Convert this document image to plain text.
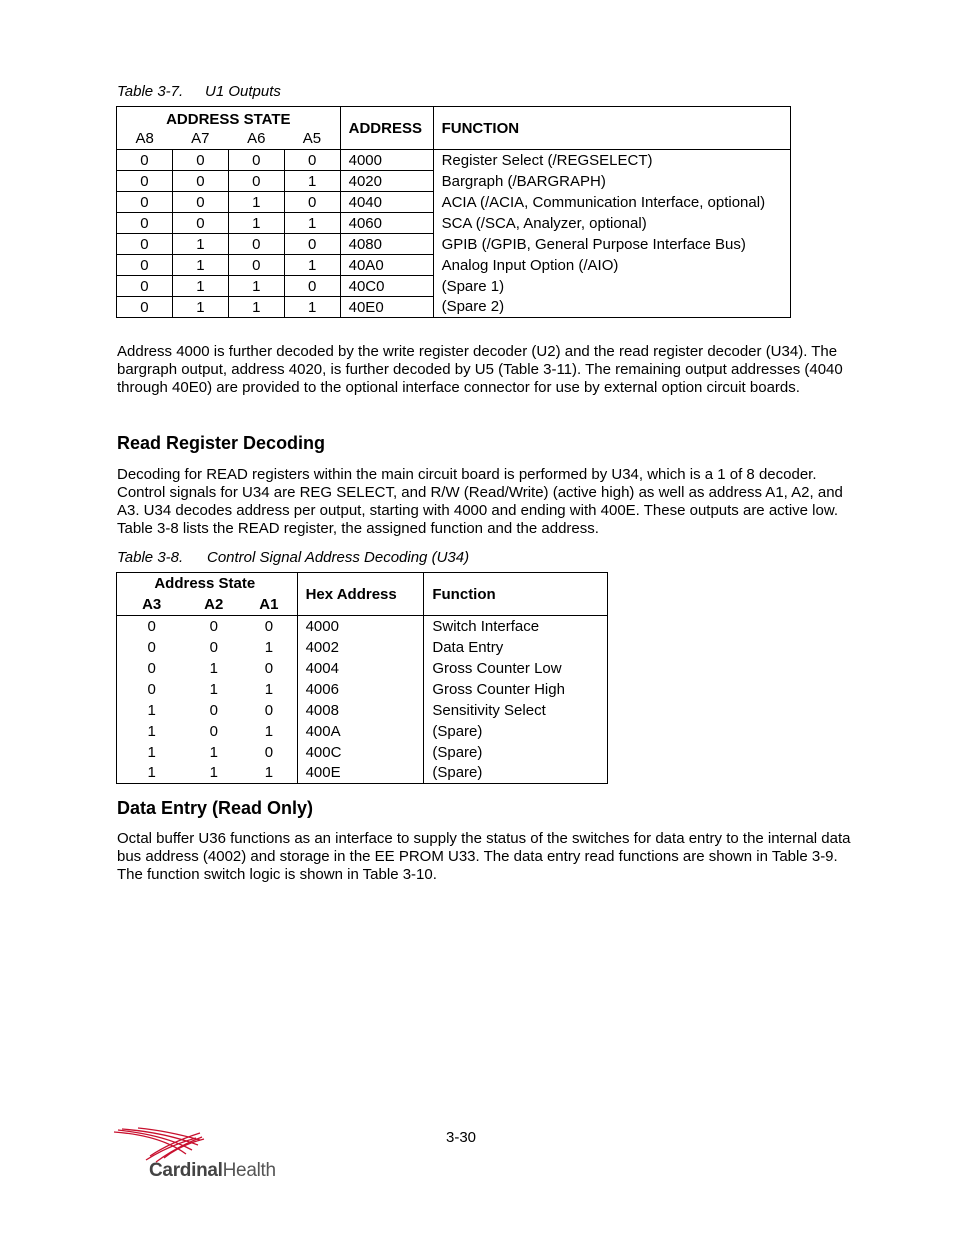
Table 3-7. U1 Outputs
ADDRESS STATE				ADDRESS	FUNCTION
A8	A7	A6	A5		
0	0	0	0	4000	Register Select (/REGSELECT)
0	0	0	1	4020	Bargraph (/BARGRAPH)
0	0	1	0	4040	ACIA (/ACIA, Communication Interface, optional)
0	0	1	1	4060	SCA (/SCA, Analyzer, optional)
0	1	0	0	4080	GPIB (/GPIB, General Purpose Interface Bus)
0	1	0	1	40A0	Analog Input Option (/AIO)
0	1	1	0	40C0	(Spare 1)
0	1	1	1	40E0	(Spare 2)
Address 4000 is further decoded by the write register decoder (U2) and the read register decoder (U34). The bargraph output, address 4020, is further decoded by U5 (Table 3-11). The remaining output addresses (4040 through 40E0) are provided to the optional interface connector for use by external option circuit boards.
Read Register Decoding
Decoding for READ registers within the main circuit board is performed by U34, which is a 1 of 8 decoder. Control signals for U34 are REG SELECT, and R/W (Read/Write) (active high) as well as address A1, A2, and A3. U34 decodes address per output, starting with 4000 and ending with 400E. These outputs are active low. Table 3-8 lists the READ register, the assigned function and the address.
Table 3-8. Control Signal Address Decoding (U34)
Address State			Hex Address	Function
A3	A2	A1		
0	0	0	4000	Switch Interface
0	0	1	4002	Data Entry
0	1	0	4004	Gross Counter Low
0	1	1	4006	Gross Counter High
1	0	0	4008	Sensitivity Select
1	0	1	400A	(Spare)
1	1	0	400C	(Spare)
1	1	1	400E	(Spare)
Data Entry (Read Only)
Octal buffer U36 functions as an interface to supply the status of the switches for data entry to the internal data bus address (4002) and storage in the EE PROM U33. The data entry read functions are shown in Table 3-9. The function switch logic is shown in Table 3-10.
3-30
CardinalHealth
